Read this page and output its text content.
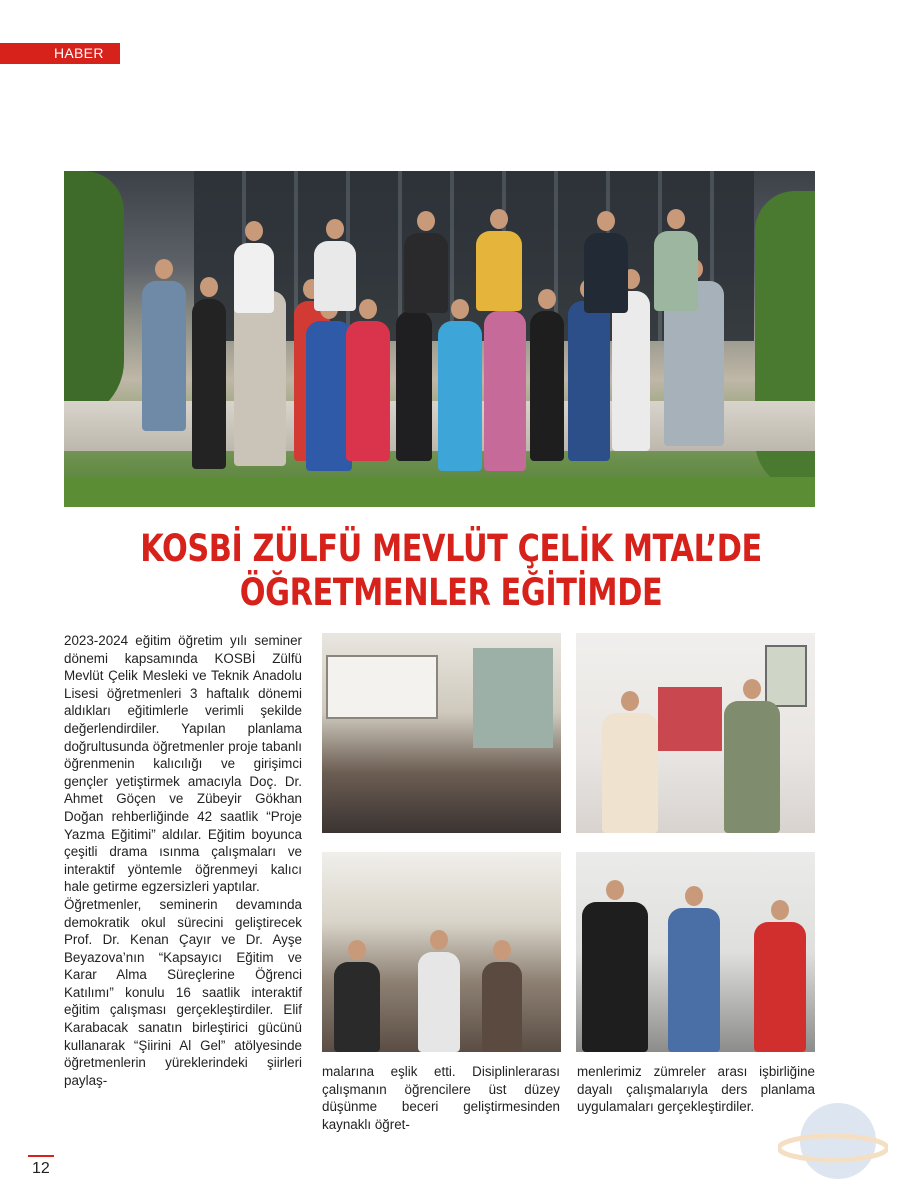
HABER
KOSBİ ZÜLFÜ MEVLÜT ÇELİK MTAL’DE
ÖĞRETMENLER EĞİTİMDE

2023-2024 eğitim öğretim yılı seminer dönemi kapsamında KOSBİ Zülfü Mevlüt Çelik Mesleki ve Teknik Anadolu Lisesi öğretmenleri 3 haftalık dönemi aldıkları eğitimlerle verimli şekilde değerlendirdiler. Yapılan planlama doğrultusunda öğretmenler proje tabanlı öğrenmenin kalıcılığı ve girişimci gençler yetiştirmek amacıyla Doç. Dr. Ahmet Göçen ve Zübeyir Gökhan Doğan rehberliğinde 42 saatlik “Proje Yazma Eğitimi” aldılar. Eğitim boyunca çeşitli drama ısınma çalışmaları ve interaktif yöntemle öğrenmeyi kalıcı hale getirme egzersizleri yaptılar.

Öğretmenler, seminerin devamında demokratik okul sürecini geliştirecek Prof. Dr. Kenan Çayır ve Dr. Ayşe Beyazova’nın “Kapsayıcı Eğitim ve Karar Alma Süreçlerine Öğrenci Katılımı” konulu 16 saatlik interaktif eğitim çalışması gerçekleştirdiler. Elif Karabacak sanatın birleştirici gücünü kullanarak “Şiirini Al Gel” atölyesinde öğretmenlerin yüreklerindeki şiirleri paylaş-

malarına eşlik etti. Disiplinlerarası çalışmanın öğrencilere üst düzey düşünme beceri geliştirmesinden kaynaklı öğret-
menlerimiz zümreler arası işbirliğine dayalı çalışmalarıyla ders planlama uygulamaları gerçekleştirdiler.
12
